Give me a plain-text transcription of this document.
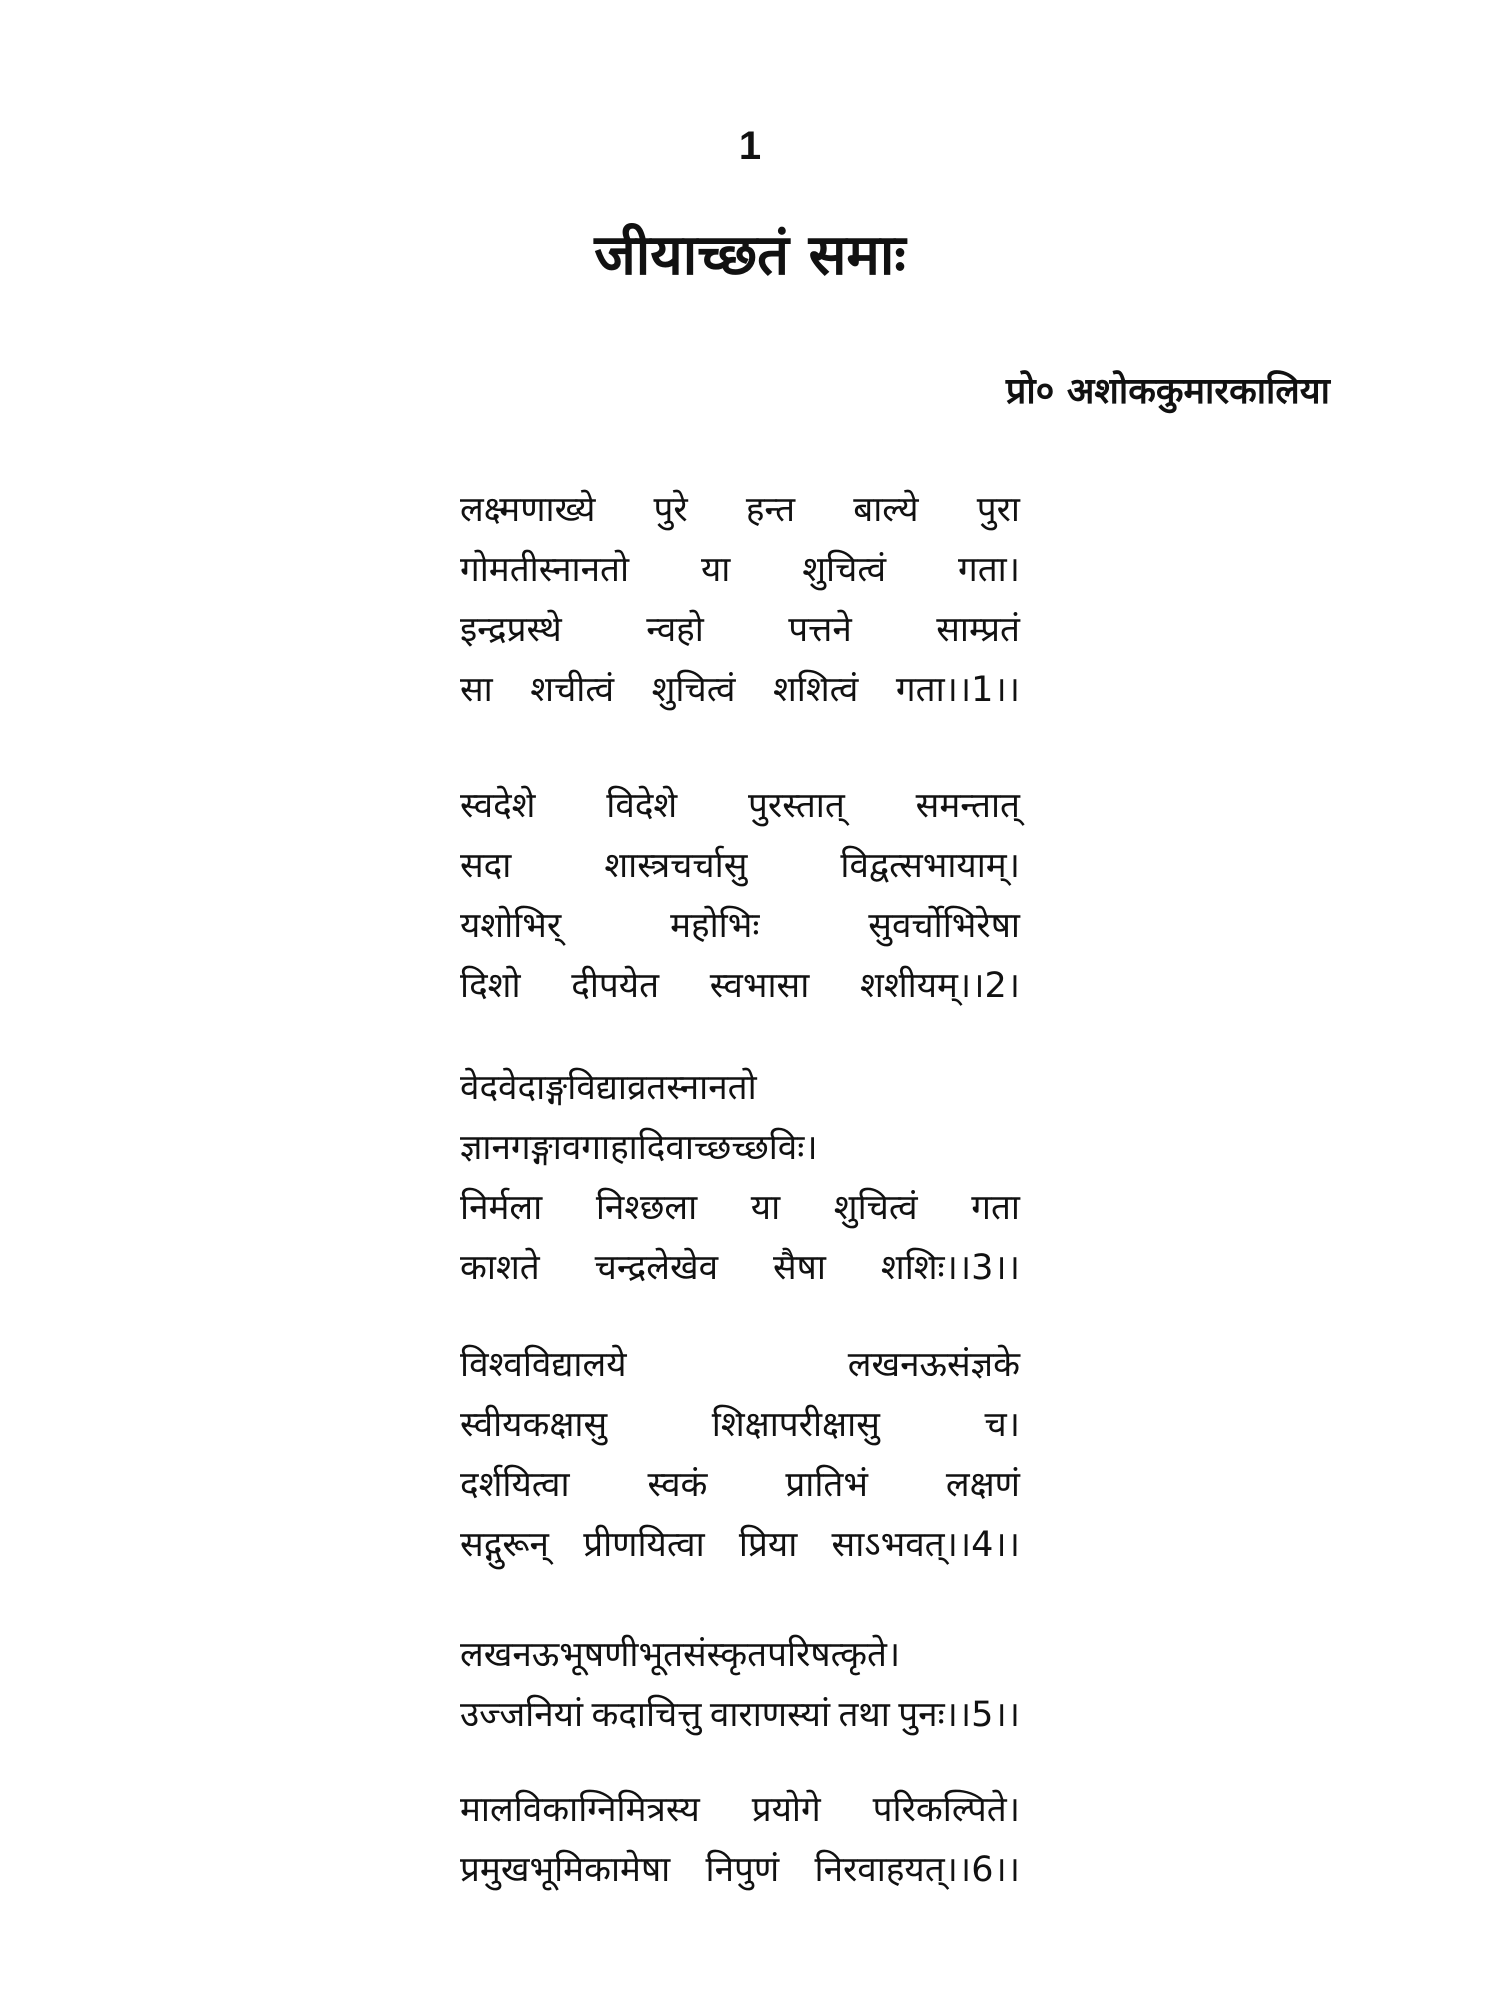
1
जीयाच्छतं समाः
प्रो० अशोककुमारकालिया
लक्ष्मणाख्ये पुरे हन्त बाल्ये पुरा
गोमतीस्नानतो या शुचित्वं गता।
इन्द्रप्रस्थे न्वहो पत्तने साम्प्रतं
सा शचीत्वं शुचित्वं शशित्वं गता।।1।।
स्वदेशे विदेशे पुरस्तात् समन्तात्
सदा	शास्त्रचर्चासु	विद्वत्सभायाम्।
यशोभिर्	महोभिः	सुवर्चोभिरेषा
दिशो दीपयेत स्वभासा शशीयम्।।2।
वेदवेदाङ्गविद्याव्रतस्नानतो
ज्ञानगङ्गावगाहादिवाच्छच्छविः।
निर्मला निश्छला या शुचित्वं गता
काशते चन्द्रलेखेव सैषा शशिः।।3।।
विश्वविद्यालये	लखनऊसंज्ञके
स्वीयकक्षासु	शिक्षापरीक्षासु	च।
दर्शयित्वा स्वकं प्रातिभं लक्षणं
सद्गुरून् प्रीणयित्वा प्रिया साऽभवत्।।4।।
लखनऊभूषणीभूतसंस्कृतपरिषत्कृते।
उज्जनियां कदाचित्तु वाराणस्यां तथा पुनः।।5।।
मालविकाग्निमित्रस्य प्रयोगे परिकल्पिते।
प्रमुखभूमिकामेषा निपुणं निरवाहयत्।।6।।
